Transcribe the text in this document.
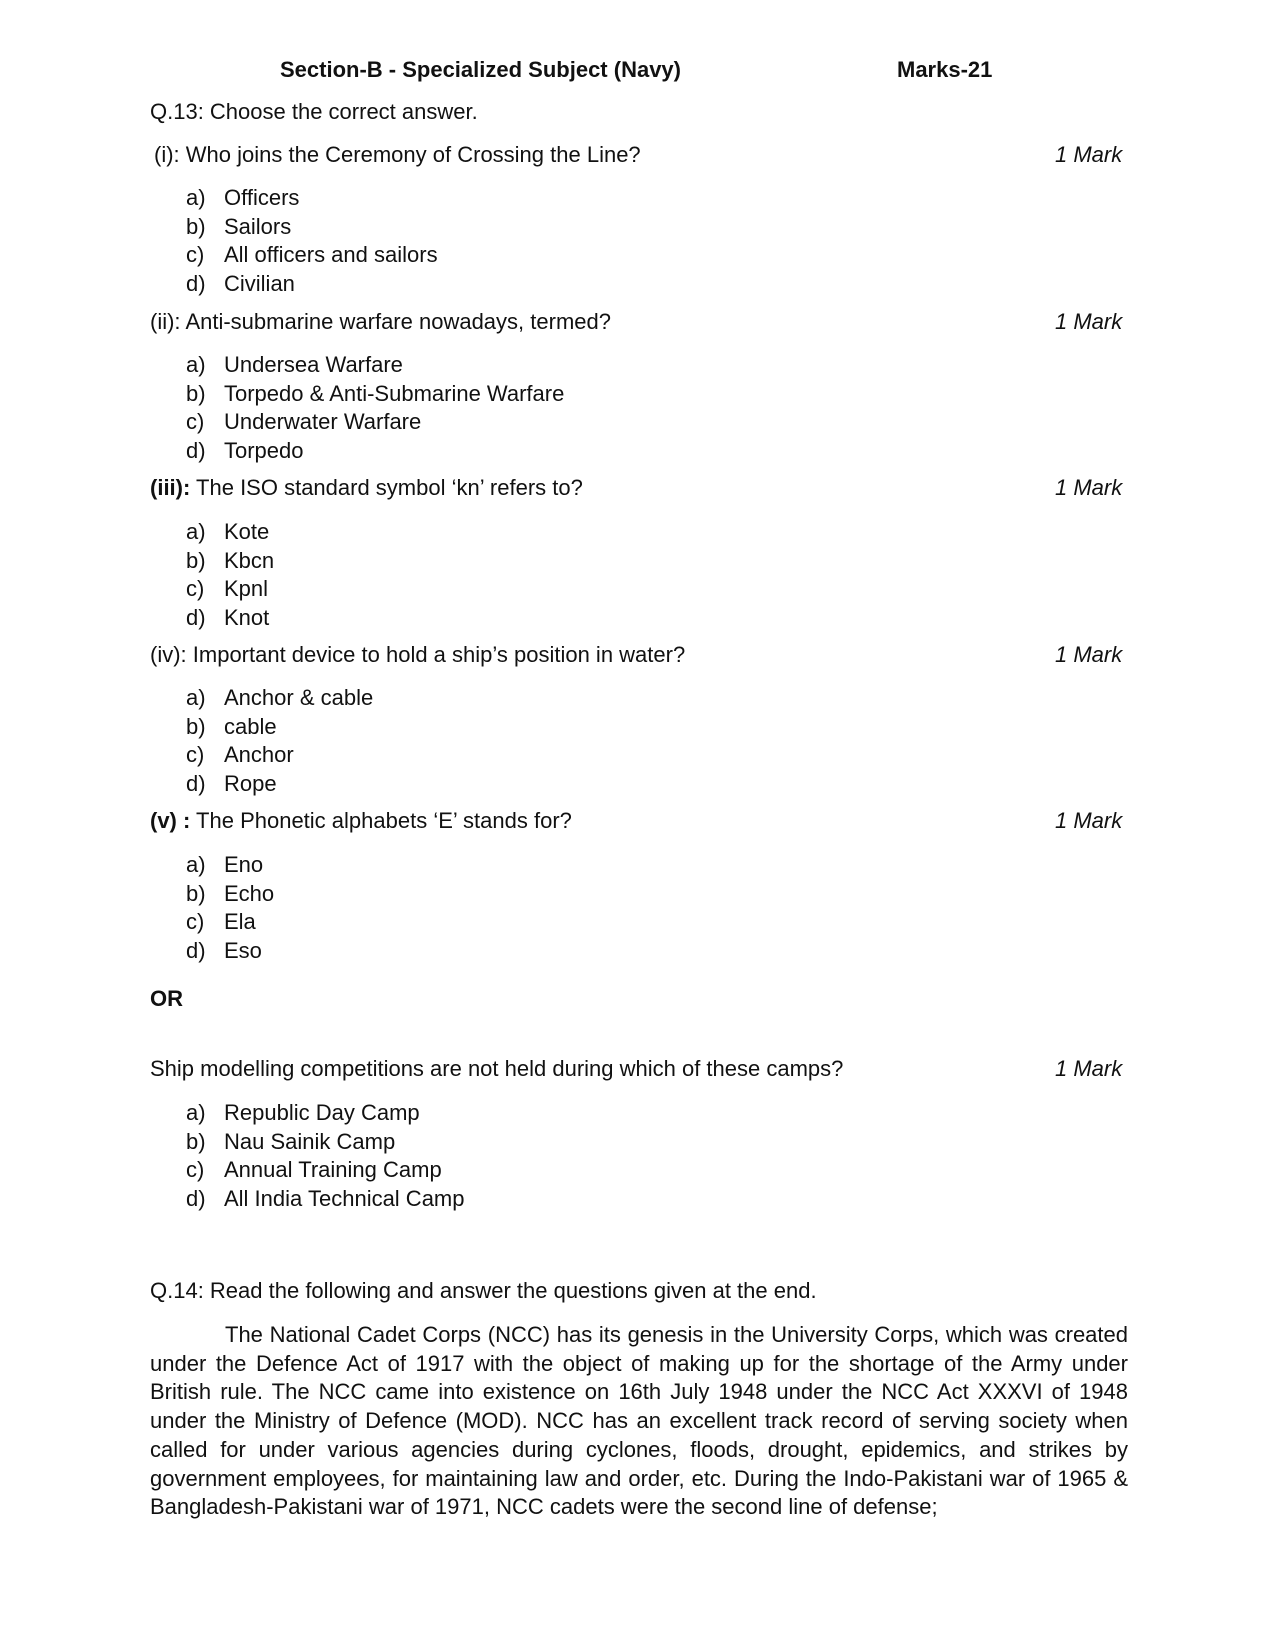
Section-B - Specialized Subject (Navy)	Marks-21
Q.13: Choose the correct answer.
(i): Who joins the Ceremony of Crossing the Line?	1 Mark
a) Officers
b) Sailors
c) All officers and sailors
d) Civilian
(ii): Anti-submarine warfare nowadays, termed?	1 Mark
a) Undersea Warfare
b) Torpedo & Anti-Submarine Warfare
c) Underwater Warfare
d) Torpedo
(iii): The ISO standard symbol ‘kn’ refers to?	1 Mark
a) Kote
b) Kbcn
c) Kpnl
d) Knot
(iv): Important device to hold a ship’s position in water?	1 Mark
a) Anchor & cable
b) cable
c) Anchor
d) Rope
(v) : The Phonetic alphabets ‘E’ stands for?	1 Mark
a) Eno
b) Echo
c) Ela
d) Eso
OR
Ship modelling competitions are not held during which of these camps?	1 Mark
a) Republic Day Camp
b) Nau Sainik Camp
c) Annual Training Camp
d) All India Technical Camp
Q.14: Read the following and answer the questions given at the end.

The National Cadet Corps (NCC) has its genesis in the University Corps, which was created under the Defence Act of 1917 with the object of making up for the shortage of the Army under British rule. The NCC came into existence on 16th July 1948 under the NCC Act XXXVI of 1948 under the Ministry of Defence (MOD). NCC has an excellent track record of serving society when called for under various agencies during cyclones, floods, drought, epidemics, and strikes by government employees, for maintaining law and order, etc. During the Indo-Pakistani war of 1965 & Bangladesh-Pakistani war of 1971, NCC cadets were the second line of defense;
